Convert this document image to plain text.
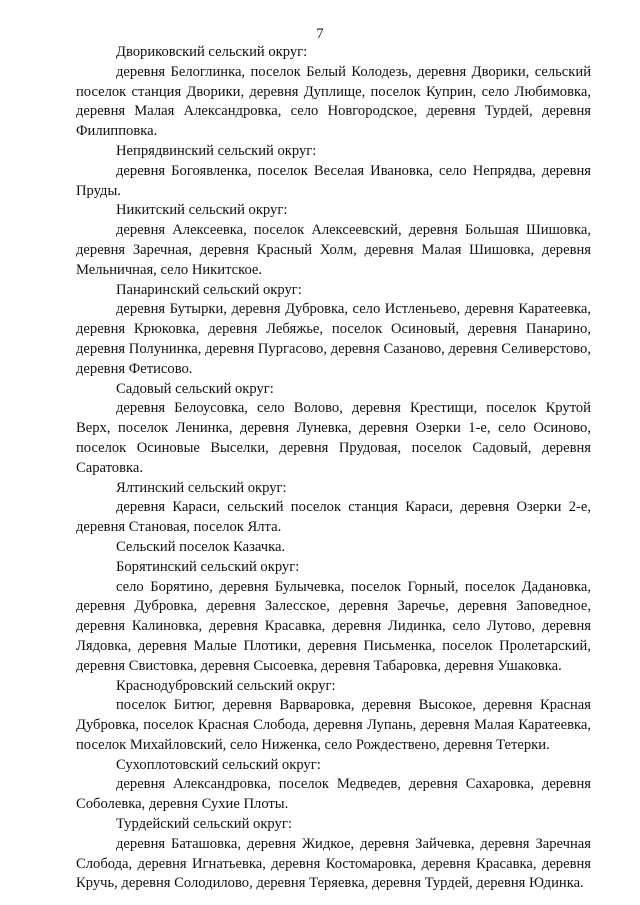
7

Двориковский сельский округ:

деревня Белоглинка, поселок Белый Колодезь, деревня Дворики, сельский поселок станция Дворики, деревня Дуплище, поселок Куприн, село Любимовка, деревня Малая Александровка, село Новгородское, деревня Турдей, деревня Филипповка.

Непрядвинский сельский округ:

деревня Богоявленка, поселок Веселая Ивановка, село Непрядва, деревня Пруды.

Никитский сельский округ:

деревня Алексеевка, поселок Алексеевский, деревня Большая Шишовка, деревня Заречная, деревня Красный Холм, деревня Малая Шишовка, деревня Мельничная, село Никитское.

Панаринский сельский округ:

деревня Бутырки, деревня Дубровка, село Истленьево, деревня Каратеевка, деревня Крюковка, деревня Лебяжье, поселок Осиновый, деревня Панарино, деревня Полунинка, деревня Пургасово, деревня Сазаново, деревня Селиверстово, деревня Фетисово.

Садовый сельский округ:

деревня Белоусовка, село Волово, деревня Крестищи, поселок Крутой Верх, поселок Ленинка, деревня Луневка, деревня Озерки 1-е, село Осиново, поселок Осиновые Выселки, деревня Прудовая, поселок Садовый, деревня Саратовка.

Ялтинский сельский округ:

деревня Караси, сельский поселок станция Караси, деревня Озерки 2-е, деревня Становая, поселок Ялта.

Сельский поселок Казачка.

Борятинский сельский округ:

село Борятино, деревня Булычевка, поселок Горный, поселок Дадановка, деревня Дубровка, деревня Залесское, деревня Заречье, деревня Заповедное, деревня Калиновка, деревня Красавка, деревня Лидинка, село Лутово, деревня Лядовка, деревня Малые Плотики, деревня Письменка, поселок Пролетарский, деревня Свистовка, деревня Сысоевка, деревня Табаровка, деревня Ушаковка.

Краснодубровский сельский округ:

поселок Битюг, деревня Варваровка, деревня Высокое, деревня Красная Дубровка, поселок Красная Слобода, деревня Лупань, деревня Малая Каратеевка, поселок Михайловский, село Ниженка, село Рождествено, деревня Тетерки.

Сухоплотовский сельский округ:

деревня Александровка, поселок Медведев, деревня Сахаровка, деревня Соболевка, деревня Сухие Плоты.

Турдейский сельский округ:

деревня Баташовка, деревня Жидкое, деревня Зайчевка, деревня Заречная Слобода, деревня Игнатьевка, деревня Костомаровка, деревня Красавка, деревня Кручь, деревня Солодилово, деревня Теряевка, деревня Турдей, деревня Юдинка.
